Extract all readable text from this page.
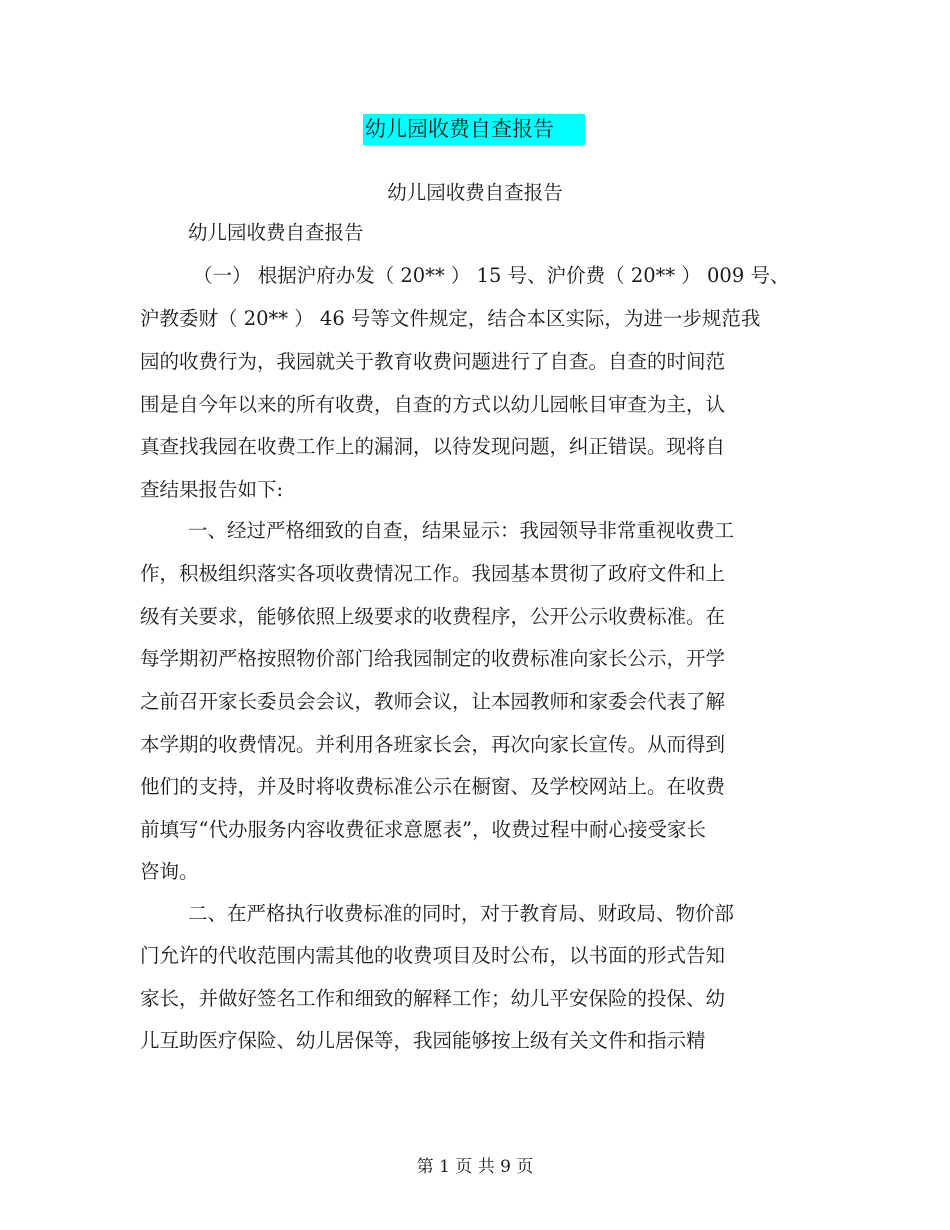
幼儿园收费自查报告
幼儿园收费自查报告
幼儿园收费自查报告
（一） 根据沪府办发（ 20** ） 15 号、沪价费（ 20** ） 009 号、
沪教委财（ 20** ） 46 号等文件规定，结合本区实际，为进一步规范我
园的收费行为，我园就关于教育收费问题进行了自查。自查的时间范
围是自今年以来的所有收费，自查的方式以幼儿园帐目审查为主，认
真查找我园在收费工作上的漏洞，以待发现问题，纠正错误。现将自
查结果报告如下:
一、经过严格细致的自查，结果显示：我园领导非常重视收费工
作，积极组织落实各项收费情况工作。我园基本贯彻了政府文件和上
级有关要求，能够依照上级要求的收费程序，公开公示收费标准。在
每学期初严格按照物价部门给我园制定的收费标准向家长公示，开学
之前召开家长委员会会议，教师会议，让本园教师和家委会代表了解
本学期的收费情况。并利用各班家长会，再次向家长宣传。从而得到
他们的支持，并及时将收费标准公示在橱窗、及学校网站上。在收费
前填写“代办服务内容收费征求意愿表”，收费过程中耐心接受家长
咨询。
二、在严格执行收费标准的同时，对于教育局、财政局、物价部
门允许的代收范围内需其他的收费项目及时公布，以书面的形式告知
家长，并做好签名工作和细致的解释工作；幼儿平安保险的投保、幼
儿互助医疗保险、幼儿居保等，我园能够按上级有关文件和指示精
第 1 页 共 9 页
